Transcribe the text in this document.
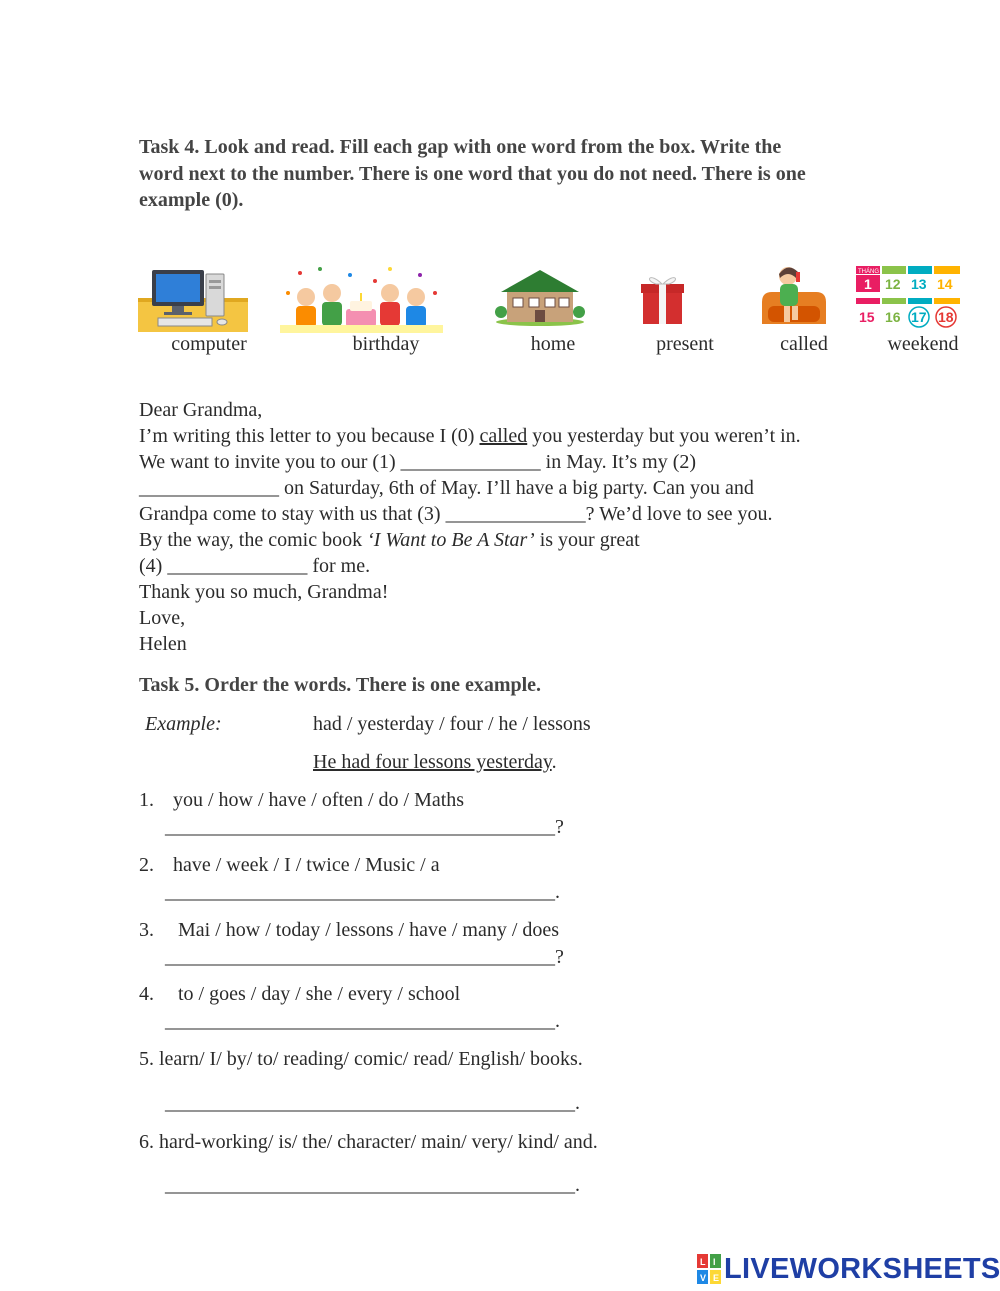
Task 4. Look and read. Fill each gap with one word from the box. Write the
word next to the number. There is one word that you do not need. There is one
example (0).
THÁNG
1 12 13 14
15 16 17 18
computer	birthday	home	present	called	weekend
Dear Grandma,
I’m writing this letter to you because I (0) called you yesterday but you weren’t in.
We want to invite you to our (1) ______________ in May. It’s my (2)
______________ on Saturday, 6th of May. I’ll have a big party. Can you and
Grandpa come to stay with us that (3) ______________? We’d love to see you.
By the way, the comic book ‘I Want to Be A Star’ is your great
(4) ______________ for me.
Thank you so much, Grandma!
Love,
Helen
Task 5. Order the words. There is one example.
Example:	had / yesterday / four / he / lessons
He had four lessons yesterday.
1. you / how / have / often / do / Maths
_______________________________________?
2. have / week / I / twice / Music / a
_______________________________________.
3. Mai / how / today / lessons / have / many / does
_______________________________________?
4. to / goes / day / she / every / school
_______________________________________.
5. learn/ I/ by/ to/ reading/ comic/ read/ English/ books.
_________________________________________.
6. hard-working/ is/ the/ character/ main/ very/ kind/ and.
_________________________________________.
L I
V E LIVEWORKSHEETS
